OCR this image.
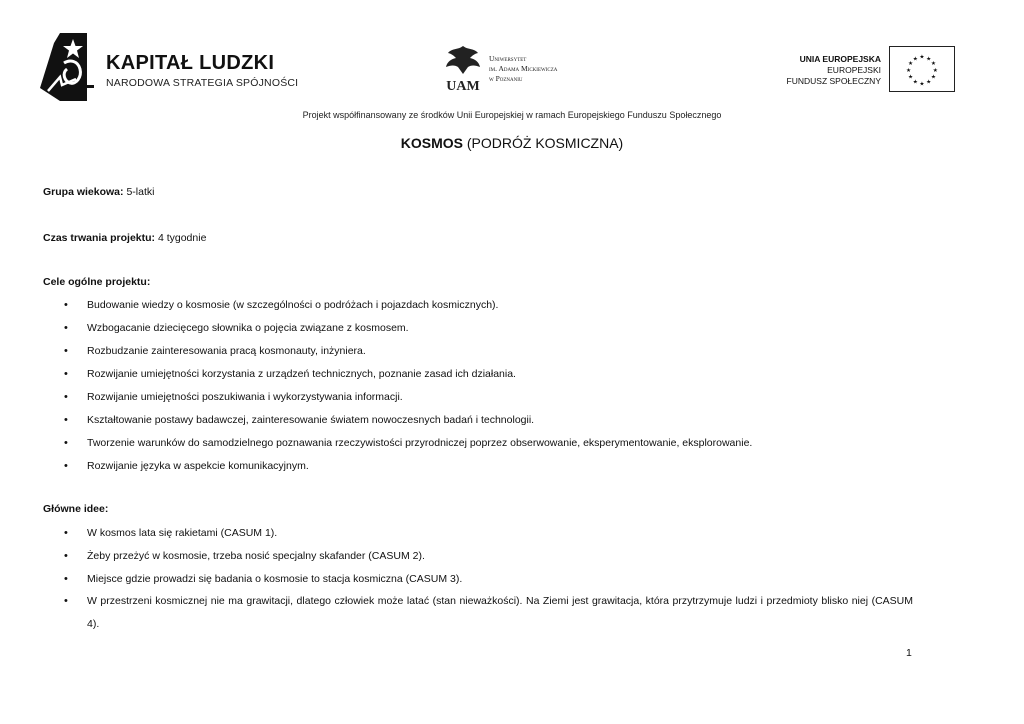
KAPITAŁ LUDZKI
NARODOWA STRATEGIA SPÓJNOŚCI	UAM
Uniwersytet
im. Adama Mickiewicza
w Poznaniu
UNIA EUROPEJSKA
EUROPEJSKI
FUNDUSZ SPOŁECZNY
★ ★
★
★
★
★
★
★
★
★
★
★
Projekt współfinansowany ze środków Unii Europejskiej w ramach Europejskiego Funduszu Społecznego
KOSMOS (PODRÓŻ KOSMICZNA)
Grupa wiekowa: 5-latki
Czas trwania projektu: 4 tygodnie
Cele ogólne projektu:
• Budowanie wiedzy o kosmosie (w szczególności o podróżach i pojazdach kosmicznych).
• Wzbogacanie dziecięcego słownika o pojęcia związane z kosmosem.
• Rozbudzanie zainteresowania pracą kosmonauty, inżyniera.
• Rozwijanie umiejętności korzystania z urządzeń technicznych, poznanie zasad ich działania.
• Rozwijanie umiejętności poszukiwania i wykorzystywania informacji.
• Kształtowanie postawy badawczej, zainteresowanie światem nowoczesnych badań i technologii.
• Tworzenie warunków do samodzielnego poznawania rzeczywistości przyrodniczej poprzez obserwowanie, eksperymentowanie, eksplorowanie.
• Rozwijanie języka w aspekcie komunikacyjnym.
Główne idee:
• W kosmos lata się rakietami (CASUM 1).
• Żeby przeżyć w kosmosie, trzeba nosić specjalny skafander (CASUM 2).
• Miejsce gdzie prowadzi się badania o kosmosie to stacja kosmiczna (CASUM 3).
• W przestrzeni kosmicznej nie ma grawitacji, dlatego człowiek może latać (stan nieważkości). Na Ziemi jest grawitacja, która przytrzymuje ludzi i przedmioty blisko niej (CASUM 4).
1
